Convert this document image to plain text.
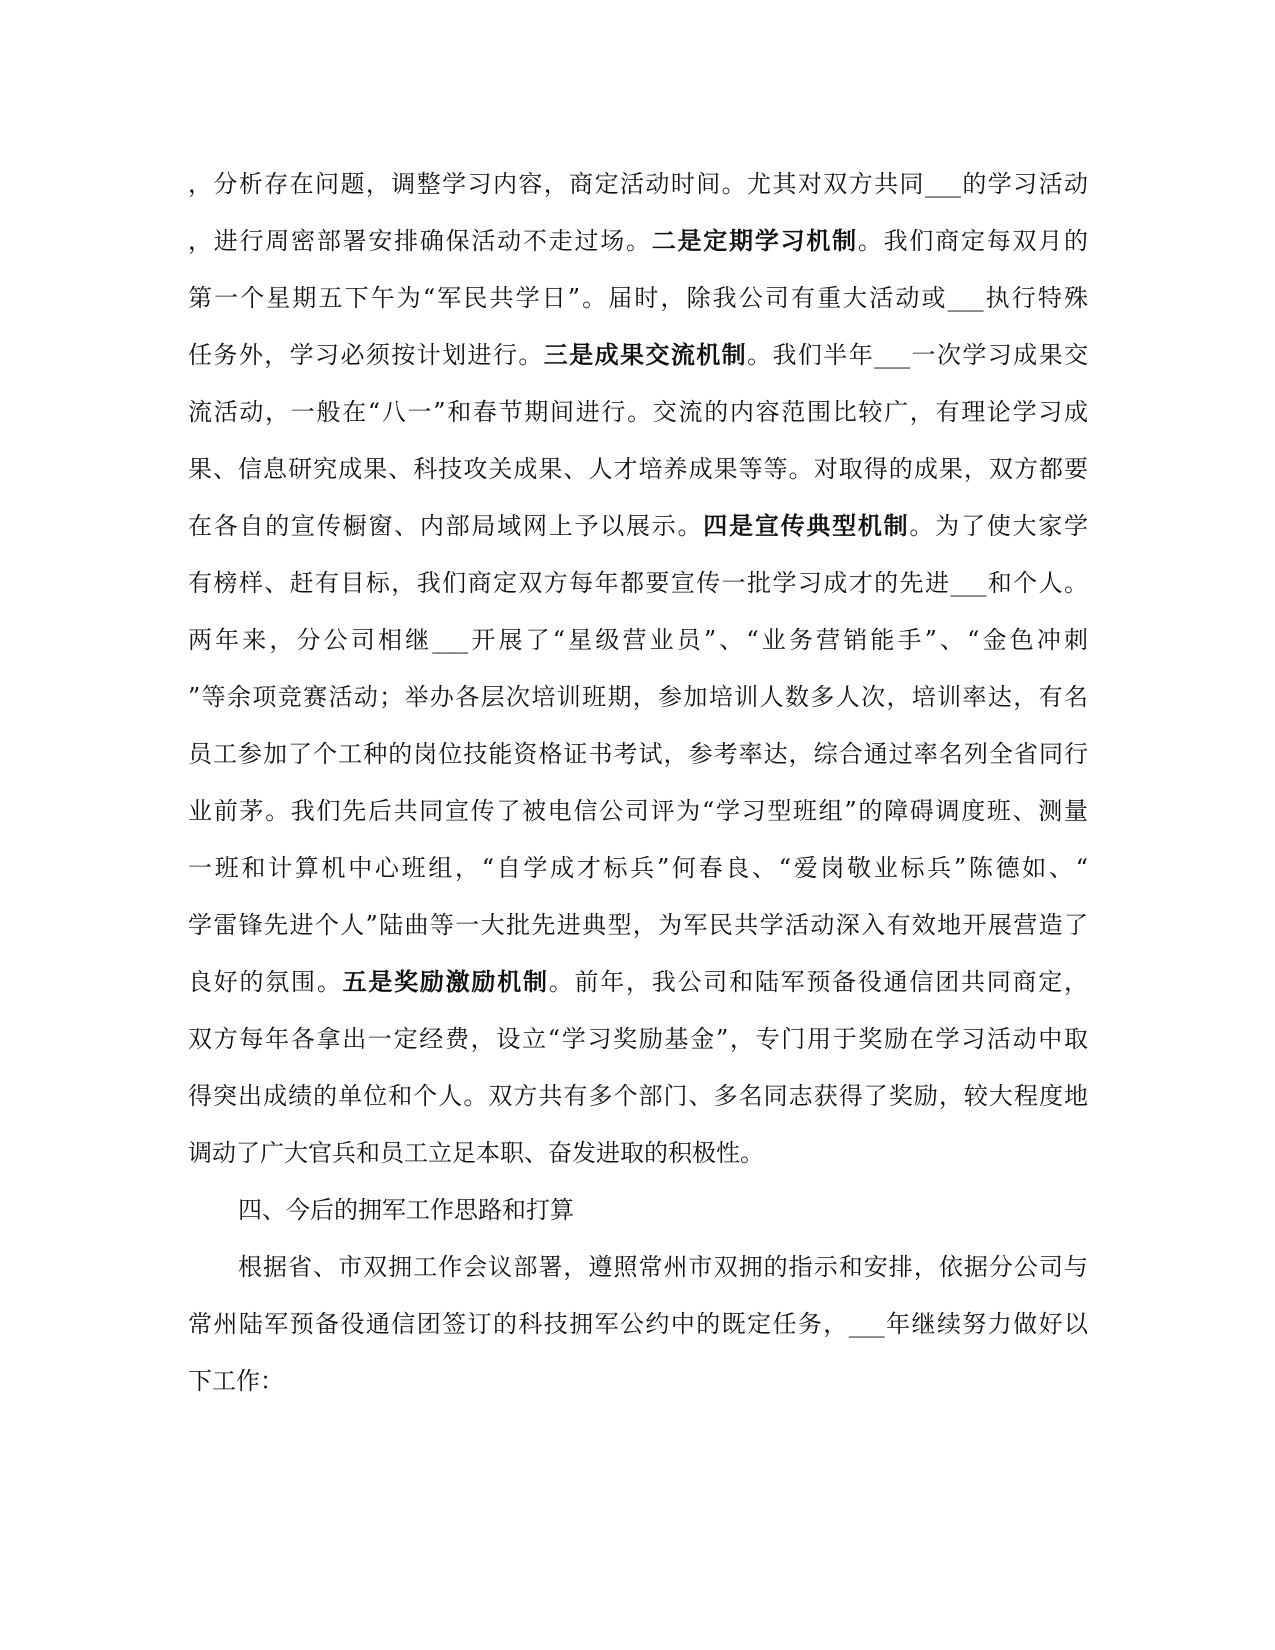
，分析存在问题，调整学习内容，商定活动时间。尤其对双方共同___的学习活动
，进行周密部署安排确保活动不走过场。二是定期学习机制。我们商定每双月的
第一个星期五下午为“军民共学日”。届时，除我公司有重大活动或___执行特殊
任务外，学习必须按计划进行。三是成果交流机制。我们半年___一次学习成果交
流活动，一般在“八一”和春节期间进行。交流的内容范围比较广，有理论学习成
果、信息研究成果、科技攻关成果、人才培养成果等等。对取得的成果，双方都要
在各自的宣传橱窗、内部局域网上予以展示。四是宣传典型机制。为了使大家学
有榜样、赶有目标，我们商定双方每年都要宣传一批学习成才的先进___和个人。
两年来，分公司相继___开展了“星级营业员”、“业务营销能手”、“金色冲刺
”等余项竞赛活动；举办各层次培训班期，参加培训人数多人次，培训率达，有名
员工参加了个工种的岗位技能资格证书考试，参考率达，综合通过率名列全省同行
业前茅。我们先后共同宣传了被电信公司评为“学习型班组”的障碍调度班、测量
一班和计算机中心班组，“自学成才标兵”何春良、“爱岗敬业标兵”陈德如、“
学雷锋先进个人”陆曲等一大批先进典型，为军民共学活动深入有效地开展营造了
良好的氛围。五是奖励激励机制。前年，我公司和陆军预备役通信团共同商定，
双方每年各拿出一定经费，设立“学习奖励基金”，专门用于奖励在学习活动中取
得突出成绩的单位和个人。双方共有多个部门、多名同志获得了奖励，较大程度地
调动了广大官兵和员工立足本职、奋发进取的积极性。
四、今后的拥军工作思路和打算
根据省、市双拥工作会议部署，遵照常州市双拥的指示和安排，依据分公司与
常州陆军预备役通信团签订的科技拥军公约中的既定任务，___年继续努力做好以
下工作：
